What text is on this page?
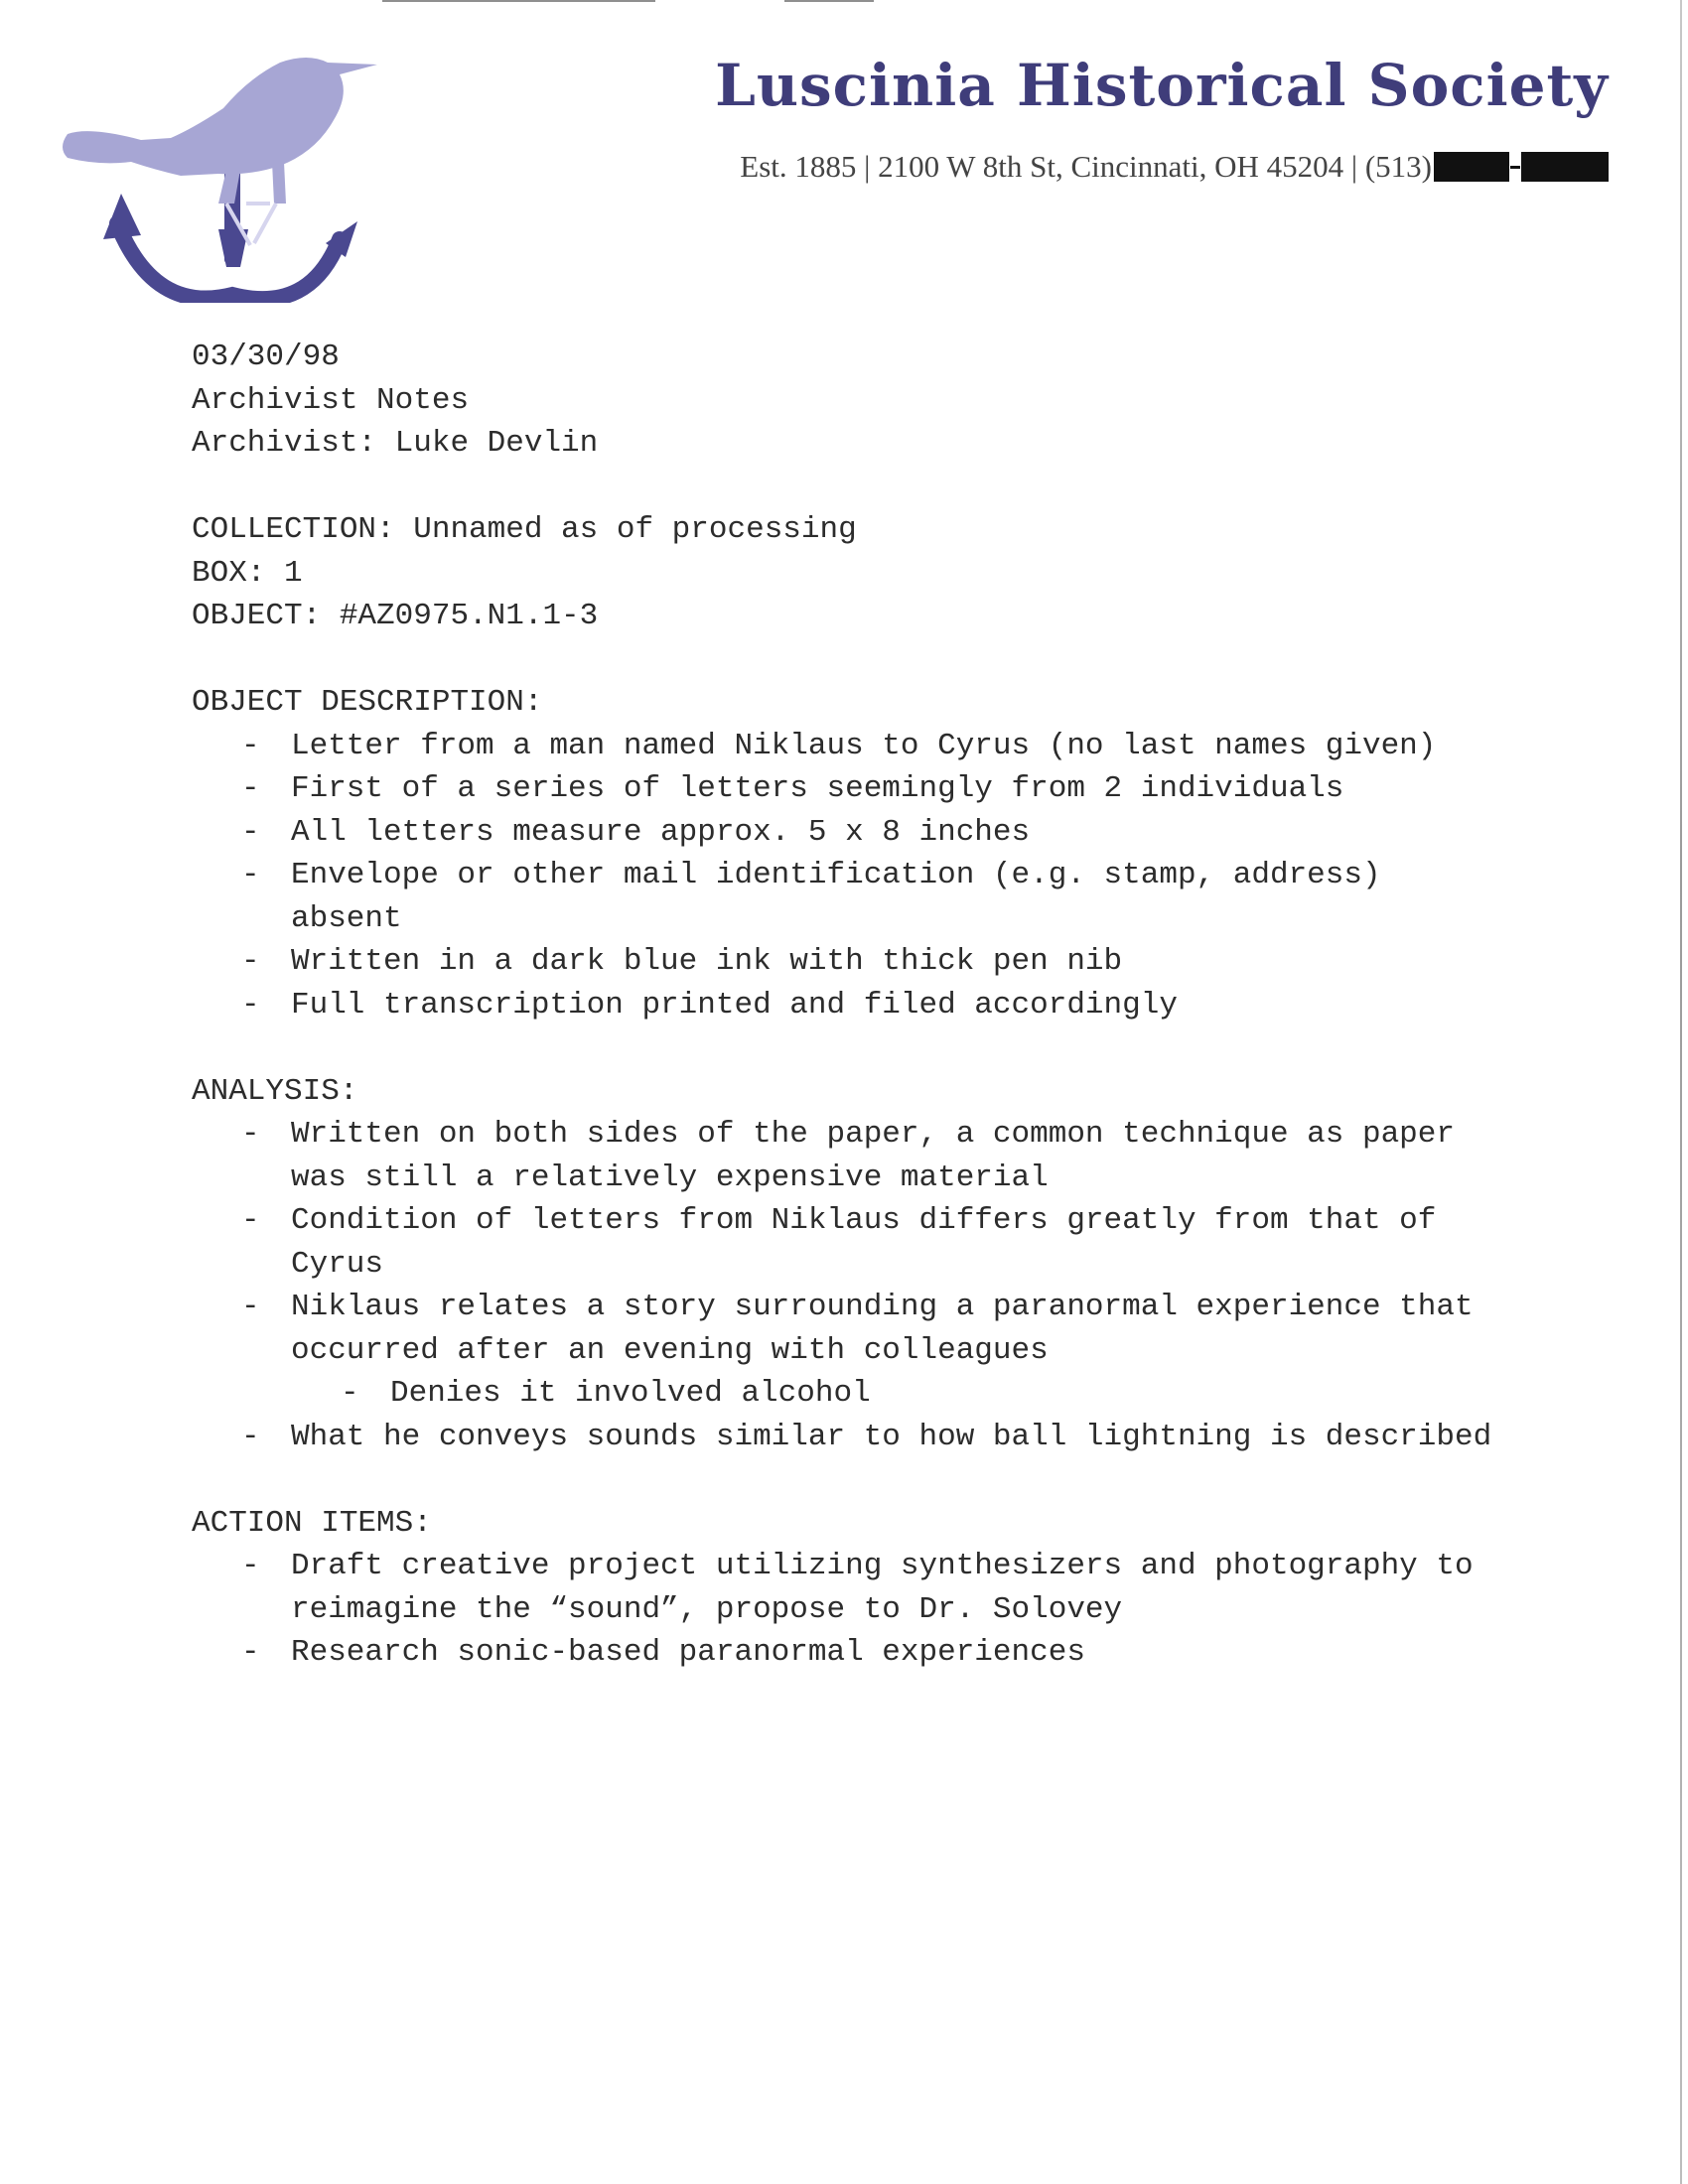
Luscinia Historical Society
Est. 1885 | 2100 W 8th St, Cincinnati, OH 45204 | (513)

03/30/98

Archivist Notes

Archivist: Luke Devlin

COLLECTION: Unnamed as of processing

BOX: 1

OBJECT: #AZ0975.N1.1-3

OBJECT DESCRIPTION:

- Letter from a man named Niklaus to Cyrus (no last names given)
- First of a series of letters seemingly from 2 individuals
- All letters measure approx. 5 x 8 inches
- Envelope or other mail identification (e.g. stamp, address) absent
- Written in a dark blue ink with thick pen nib
- Full transcription printed and filed accordingly

ANALYSIS:

- Written on both sides of the paper, a common technique as paper was still a relatively expensive material
- Condition of letters from Niklaus differs greatly from that of Cyrus
- Niklaus relates a story surrounding a paranormal experience that occurred after an evening with colleagues
- Denies it involved alcohol
- What he conveys sounds similar to how ball lightning is described

ACTION ITEMS:

- Draft creative project utilizing synthesizers and photography to reimagine the “sound”, propose to Dr. Solovey
- Research sonic-based paranormal experiences
